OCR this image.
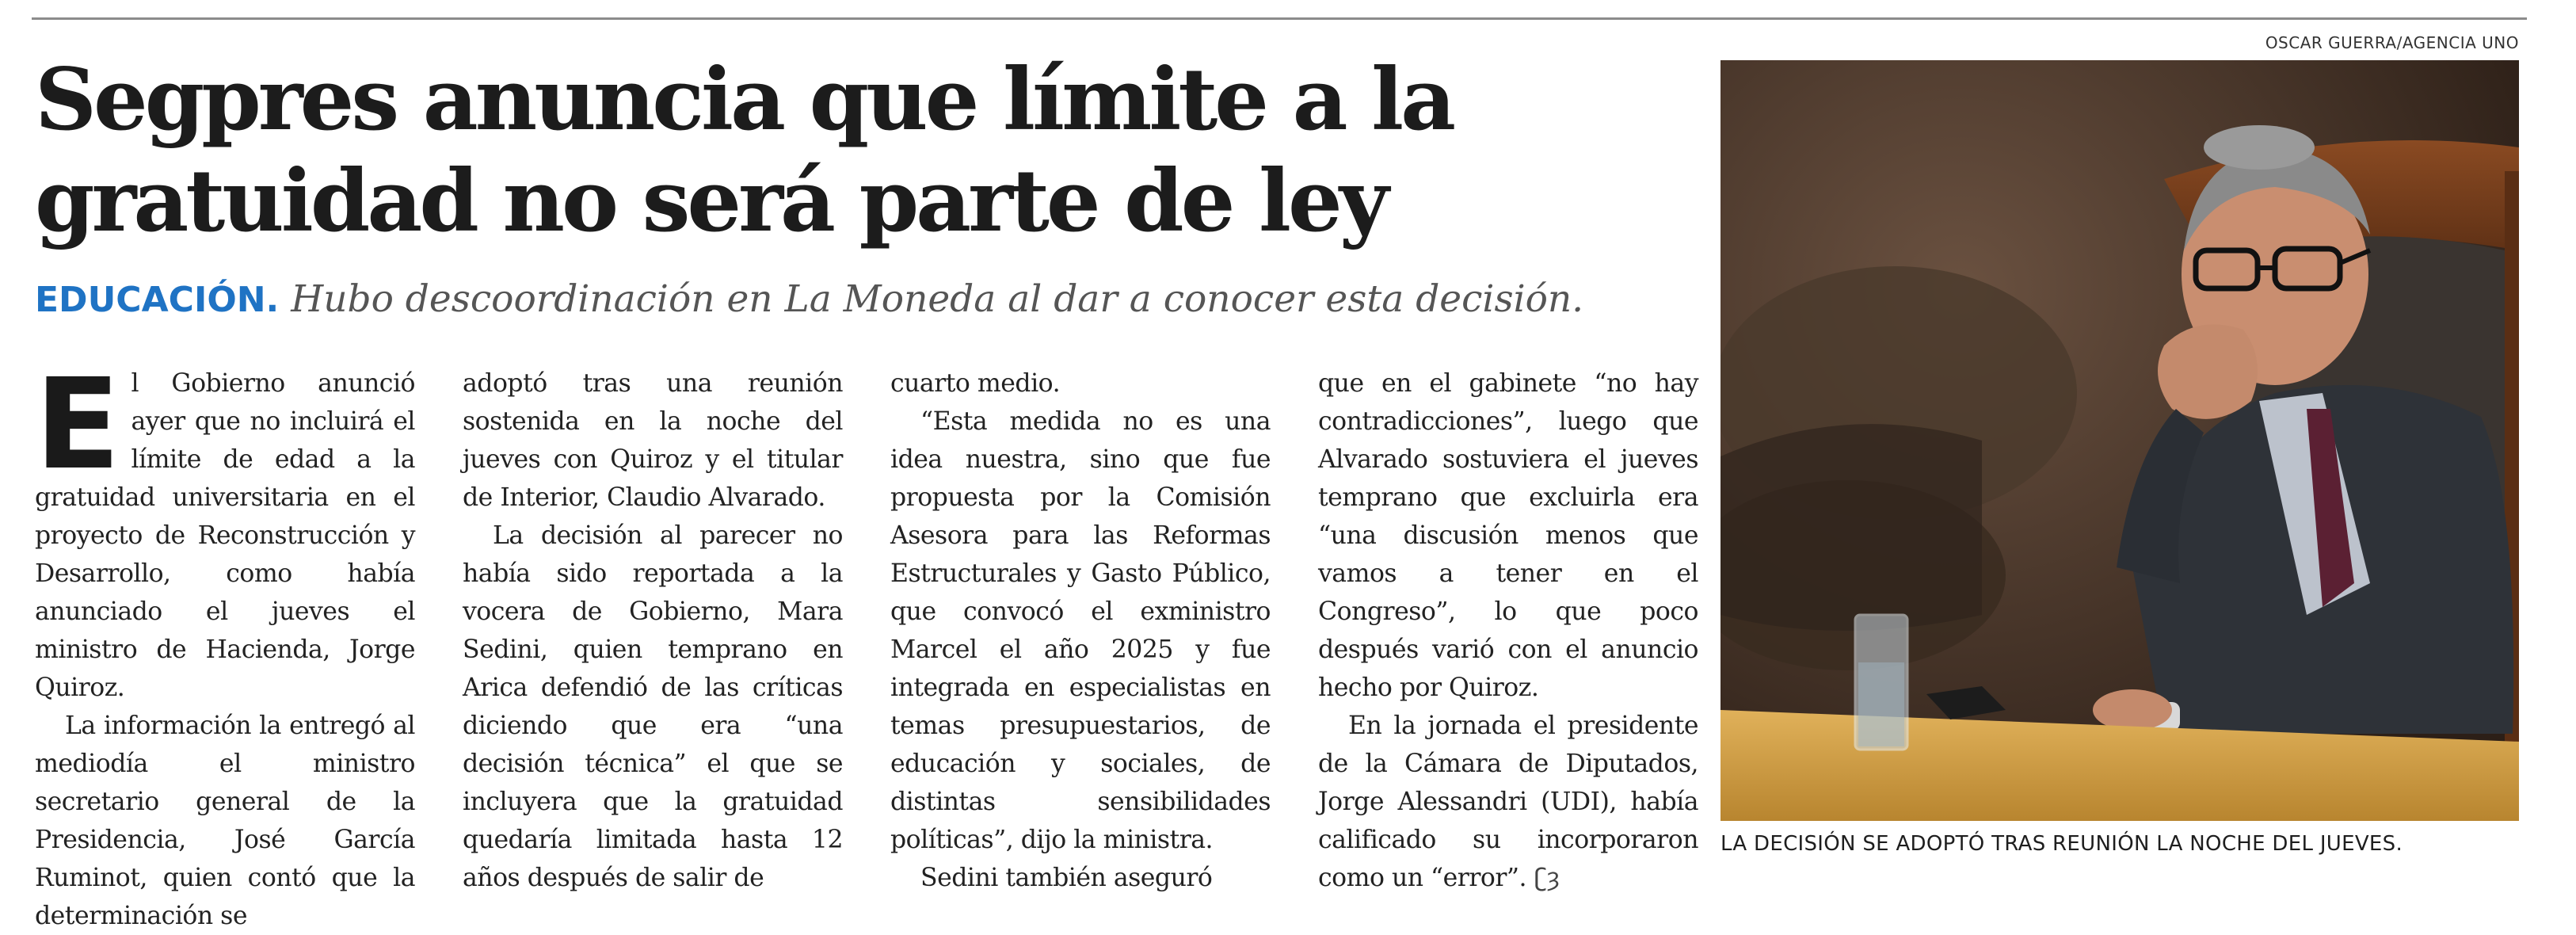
Segpres anuncia que límite a la
gratuidad no será parte de ley
EDUCACIÓN. Hubo descoordinación en La Moneda al dar a conocer esta decisión.

El Gobierno anunció ayer que no incluirá el límite de edad a la gratuidad universitaria en el proyecto de Reconstrucción y Desarrollo, como había anunciado el jueves el ministro de Hacienda, Jorge Quiroz.

La información la entregó al mediodía el ministro secretario general de la Presidencia, José García Ruminot, quien contó que la determinación se

adoptó tras una reunión sostenida en la noche del jueves con Quiroz y el titular de Interior, Claudio Alvarado.

La decisión al parecer no había sido reportada a la vocera de Gobierno, Mara Sedini, quien temprano en Arica defendió de las críticas diciendo que era “una decisión técnica” el que se incluyera que la gratuidad quedaría limitada hasta 12 años después de salir de

cuarto medio.

“Esta medida no es una idea nuestra, sino que fue propuesta por la Comisión Asesora para las Reformas Estructurales y Gasto Público, que convocó el exministro Marcel el año 2025 y fue integrada en especialistas en temas presupuestarios, de educación y sociales, de distintas sensibilidades políticas”, dijo la ministra.

Sedini también aseguró

que en el gabinete “no hay contradicciones”, luego que Alvarado sostuviera el jueves temprano que excluirla era “una discusión menos que vamos a tener en el Congreso”, lo que poco después varió con el anuncio hecho por Quiroz.

En la jornada el presidente de la Cámara de Diputados, Jorge Alessandri (UDI), había calificado su incorporaron como un “error”. ʗȝ

OSCAR GUERRA/AGENCIA UNO
LA DECISIÓN SE ADOPTÓ TRAS REUNIÓN LA NOCHE DEL JUEVES.
